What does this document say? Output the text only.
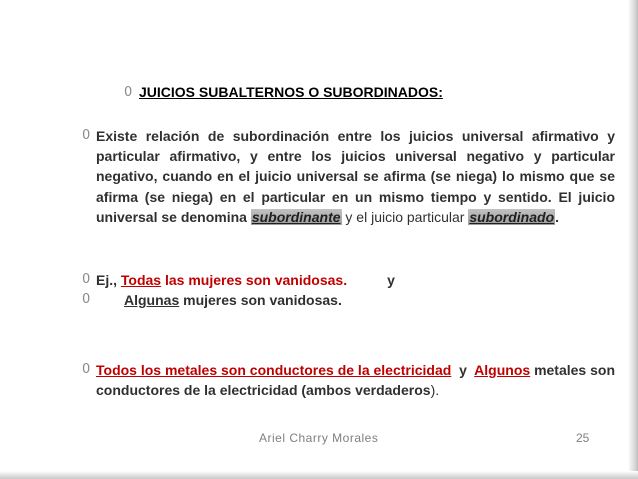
0 JUICIOS SUBALTERNOS O SUBORDINADOS:
0 Existe relación de subordinación entre los juicios universal afirmativo y particular afirmativo, y entre los juicios universal negativo y particular negativo, cuando en el juicio universal se afirma (se niega) lo mismo que se afirma (se niega) en el particular en un mismo tiempo y sentido. El juicio universal se denomina subordinante y el juicio particular subordinado.
0 Ej., Todas las mujeres son vanidosas.	y
0 Algunas mujeres son vanidosas.
0 Todos los metales son conductores de la electricidad  y  Algunos metales son conductores de la electricidad (ambos verdaderos).
Ariel Charry Morales	25
